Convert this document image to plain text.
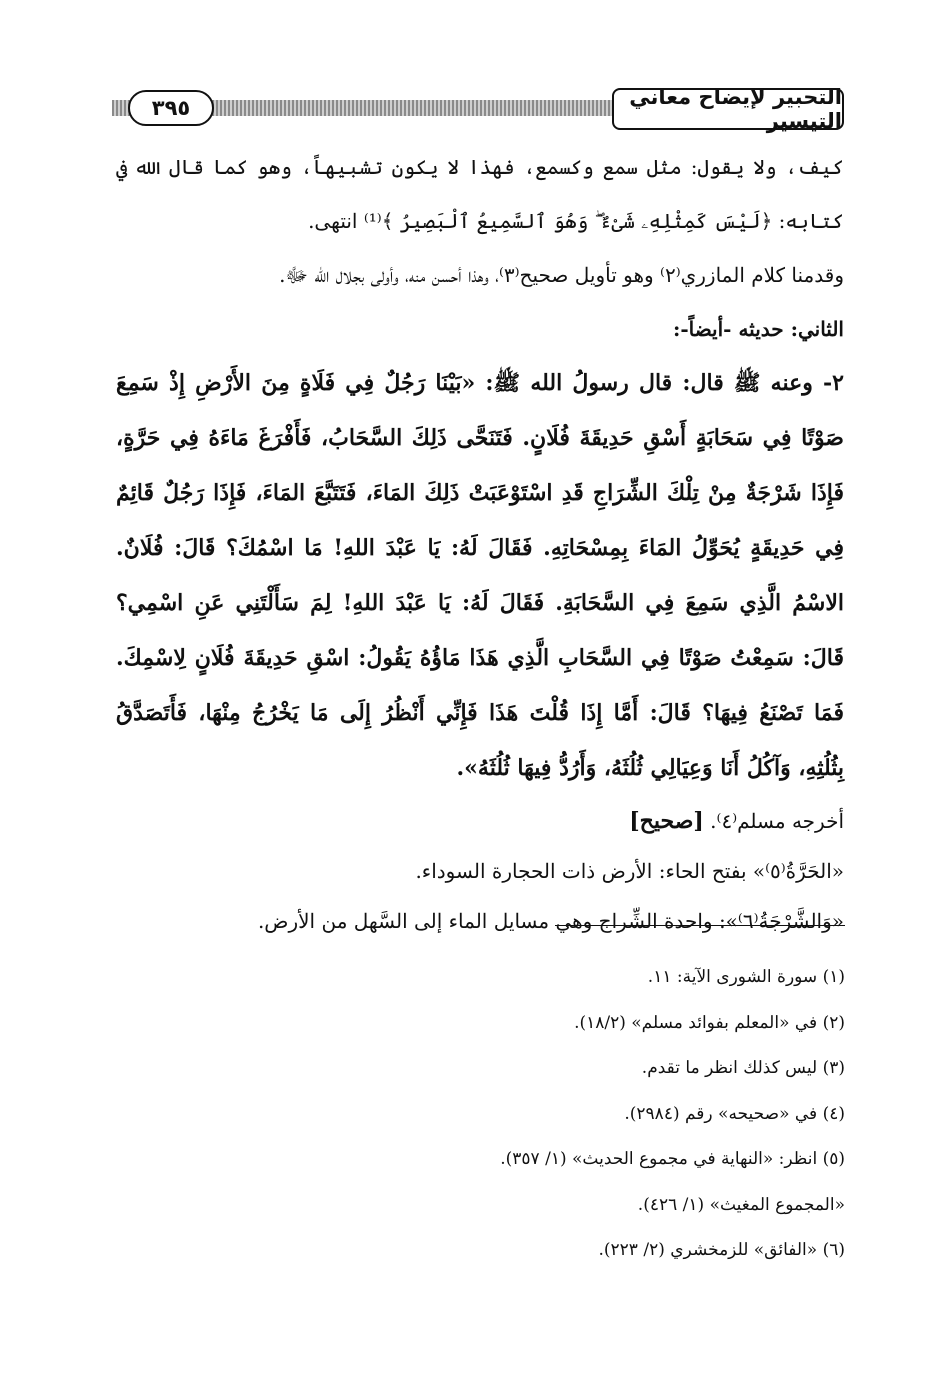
التحبير لإيضاح معاني التيسير
٣٩٥

كيف، ولا يقول: مثل سمع وكسمع، فهذا لا يكون تشبيهاً، وهو كما قال الله في كتابه: ﴿لَيْسَ كَمِثْلِهِۦ شَىْءٌ ۖ وَهُوَ ٱلسَّمِيعُ ٱلْبَصِيرُ ﴾⁽¹⁾ انتهى.

وقدمنا كلام المازري⁽٢⁾ وهو تأويل صحيح⁽٣⁾، وهذا أحسن منه، وأولى بجلال الله ﷻ.

الثاني: حديثه -أيضاً-:

٢- وعنه ﷺ قال: قال رسولُ الله ﷺ: «بَيْنَا رَجُلٌ فِي فَلَاةٍ مِنَ الأَرْضِ إِذْ سَمِعَ صَوْتًا فِي سَحَابَةٍ أَسْقِ حَدِيقَةَ فُلَانٍ. فَتَنَحَّى ذَلِكَ السَّحَابُ، فَأَفْرَغَ مَاءَهُ فِي حَرَّةٍ، فَإِذَا شَرْجَةٌ مِنْ تِلْكَ الشِّرَاجِ قَدِ اسْتَوْعَبَتْ ذَلِكَ المَاءَ، فَتَتَبَّعَ المَاءَ، فَإِذَا رَجُلٌ قَائِمٌ فِي حَدِيقَةٍ يُحَوِّلُ المَاءَ بِمِسْحَاتِهِ. فَقَالَ لَهُ: يَا عَبْدَ اللهِ! مَا اسْمُكَ؟ قَالَ: فُلَانٌ. الاسْمُ الَّذِي سَمِعَ فِي السَّحَابَةِ. فَقَالَ لَهُ: يَا عَبْدَ اللهِ! لِمَ سَأَلْتَنِي عَنِ اسْمِي؟ قَالَ: سَمِعْتُ صَوْتًا فِي السَّحَابِ الَّذِي هَذَا مَاؤُهُ يَقُولُ: اسْقِ حَدِيقَةَ فُلَانٍ لِاسْمِكَ. فَمَا تَصْنَعُ فِيهَا؟ قَالَ: أَمَّا إِذَا قُلْتَ هَذَا فَإِنِّي أَنْظُرُ إِلَى مَا يَخْرُجُ مِنْهَا، فَأَتَصَدَّقُ بِثُلُثِهِ، وَآكُلُ أَنَا وَعِيَالِي ثُلُثَهُ، وَأَرُدُّ فِيهَا ثُلُثَهُ».

أخرجه مسلم⁽٤⁾. [صحيح]

«الحَرَّةُ⁽٥⁾» بفتح الحاء: الأرض ذات الحجارة السوداء.

«وَالشَّرْجَةُ⁽٦⁾»: واحدة الشِّراج وهي مسايل الماء إلى السَّهل من الأرض.

(١) سورة الشورى الآية: ١١.

(٢) في «المعلم بفوائد مسلم» (١٨/٢).

(٣) ليس كذلك انظر ما تقدم.

(٤) في «صحيحه» رقم (٢٩٨٤).

(٥) انظر: «النهاية في مجموع الحديث» (١/ ٣٥٧).

«المجموع المغيث» (١/ ٤٢٦).

(٦) «الفائق» للزمخشري (٢/ ٢٢٣).
